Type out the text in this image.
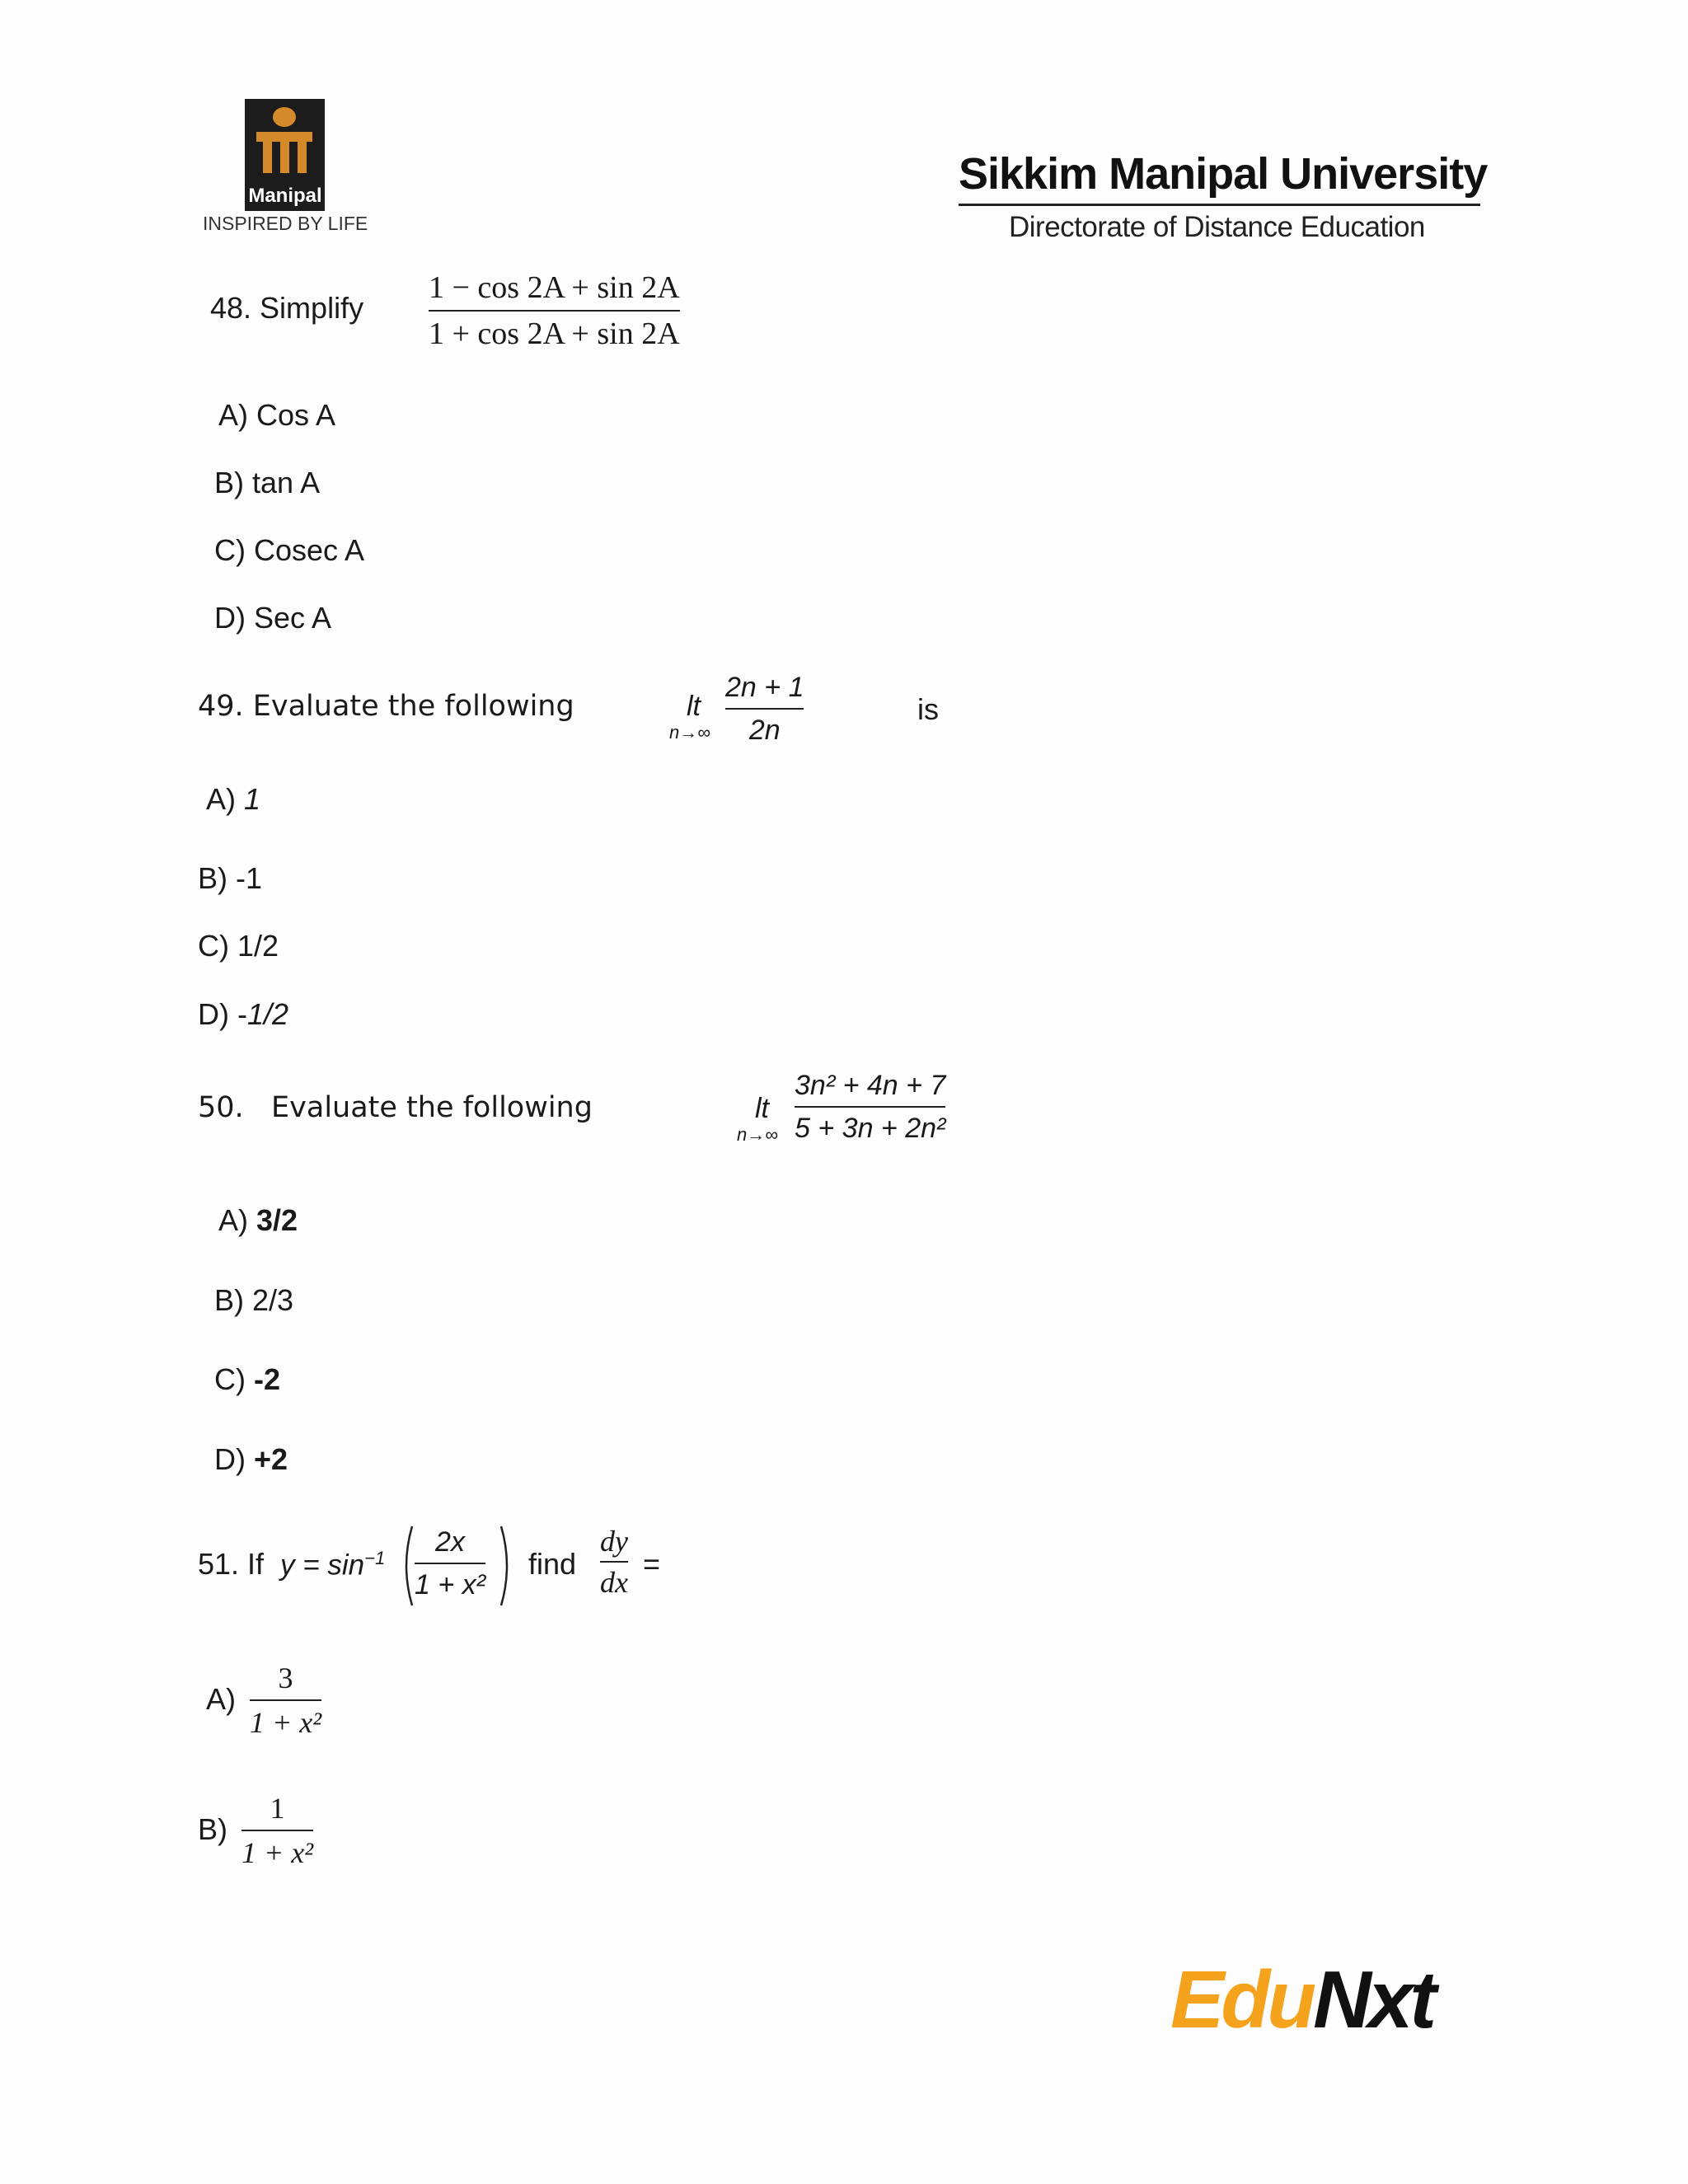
Manipal
INSPIRED BY LIFE
Sikkim Manipal University
Directorate of Distance Education
48. Simplify
1 − cos 2A + sin 2A
1 + cos 2A + sin 2A
A) Cos A
B) tan A
C) Cosec A
D) Sec A
49. Evaluate the following	lt
n→∞
2n + 1
2n
is
A) 1
B) -1
C) 1/2
D) -1/2
50.   Evaluate the following	lt
n→∞
3n² + 4n + 7
5 + 3n + 2n²
A) 3/2
B) 2/3
C) -2
D) +2
51. If $y = \sin^{-1}$
2x
1 + x²
find
dy
dx
=
A)
3
1 + x²
B)
1
1 + x²
EduNxt
